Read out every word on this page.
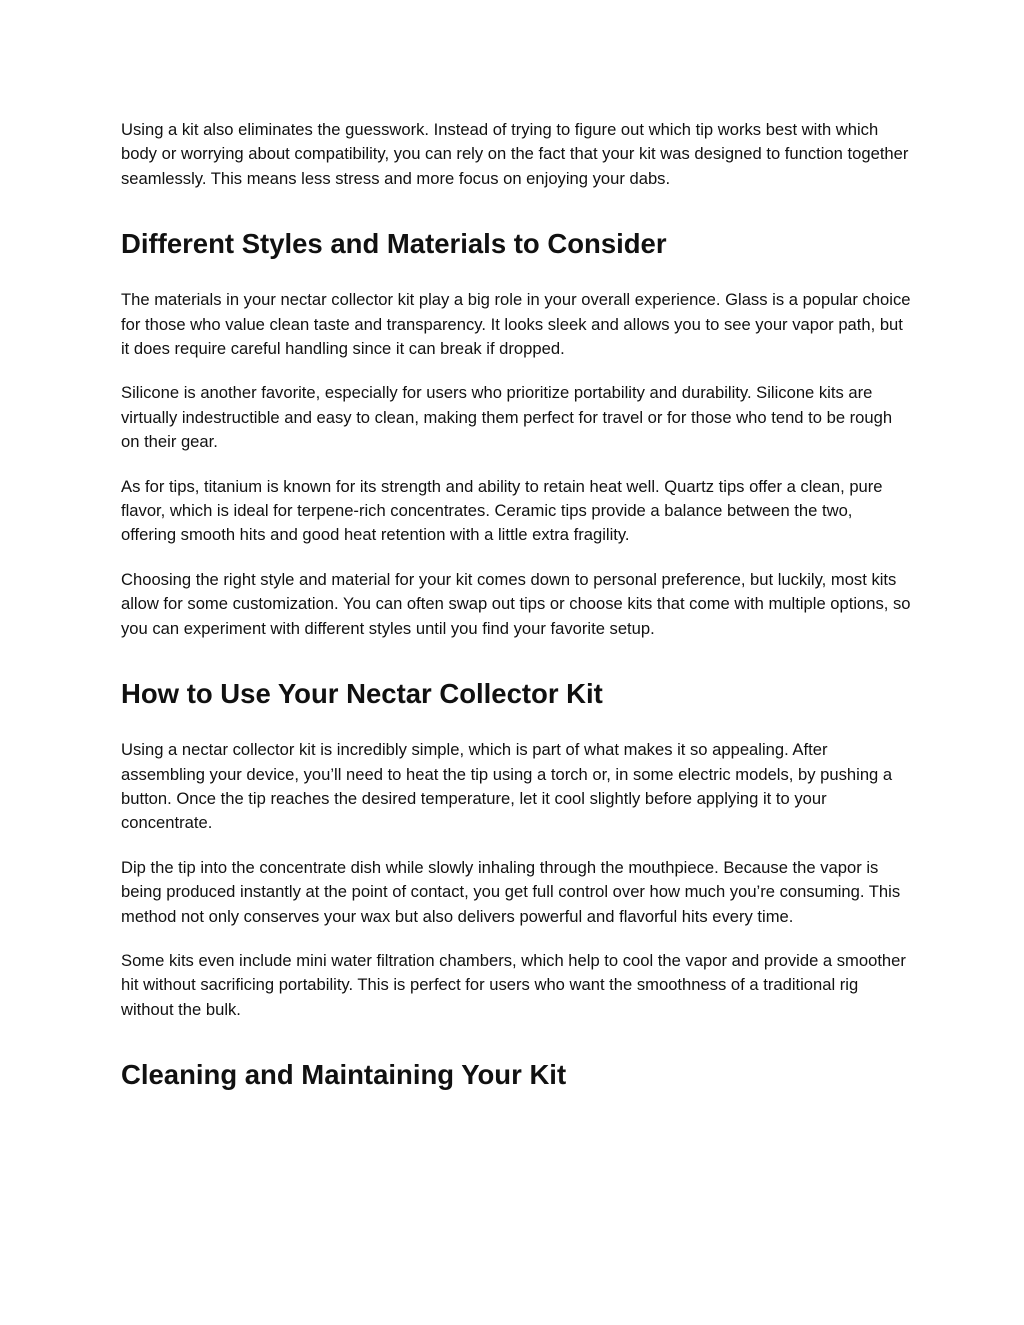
Using a kit also eliminates the guesswork. Instead of trying to figure out which tip works best with which body or worrying about compatibility, you can rely on the fact that your kit was designed to function together seamlessly. This means less stress and more focus on enjoying your dabs.

Different Styles and Materials to Consider

The materials in your nectar collector kit play a big role in your overall experience. Glass is a popular choice for those who value clean taste and transparency. It looks sleek and allows you to see your vapor path, but it does require careful handling since it can break if dropped.

Silicone is another favorite, especially for users who prioritize portability and durability. Silicone kits are virtually indestructible and easy to clean, making them perfect for travel or for those who tend to be rough on their gear.

As for tips, titanium is known for its strength and ability to retain heat well. Quartz tips offer a clean, pure flavor, which is ideal for terpene-rich concentrates. Ceramic tips provide a balance between the two, offering smooth hits and good heat retention with a little extra fragility.

Choosing the right style and material for your kit comes down to personal preference, but luckily, most kits allow for some customization. You can often swap out tips or choose kits that come with multiple options, so you can experiment with different styles until you find your favorite setup.

How to Use Your Nectar Collector Kit

Using a nectar collector kit is incredibly simple, which is part of what makes it so appealing. After assembling your device, you’ll need to heat the tip using a torch or, in some electric models, by pushing a button. Once the tip reaches the desired temperature, let it cool slightly before applying it to your concentrate.

Dip the tip into the concentrate dish while slowly inhaling through the mouthpiece. Because the vapor is being produced instantly at the point of contact, you get full control over how much you’re consuming. This method not only conserves your wax but also delivers powerful and flavorful hits every time.

Some kits even include mini water filtration chambers, which help to cool the vapor and provide a smoother hit without sacrificing portability. This is perfect for users who want the smoothness of a traditional rig without the bulk.

Cleaning and Maintaining Your Kit
